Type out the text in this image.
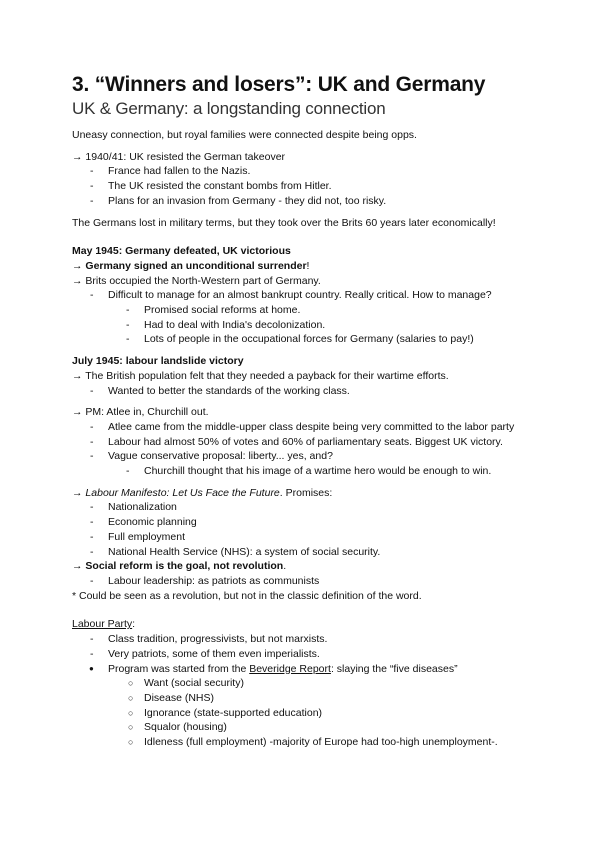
3. “Winners and losers”: UK and Germany
UK & Germany: a longstanding connection

Uneasy connection, but royal families were connected despite being opps.

→ 1940/41: UK resisted the German takeover

- France had fallen to the Nazis.
- The UK resisted the constant bombs from Hitler.
- Plans for an invasion from Germany - they did not, too risky.

The Germans lost in military terms, but they took over the Brits 60 years later economically!

May 1945: Germany defeated, UK victorious

→ Germany signed an unconditional surrender!

→ Brits occupied the North-Western part of Germany.

- Difficult to manage for an almost bankrupt country. Really critical. How to manage?
- Promised social reforms at home.
- Had to deal with India's decolonization.
- Lots of people in the occupational forces for Germany (salaries to pay!)

July 1945: labour landslide victory

→ The British population felt that they needed a payback for their wartime efforts.

- Wanted to better the standards of the working class.

→ PM: Atlee in, Churchill out.

- Atlee came from the middle-upper class despite being very committed to the labor party
- Labour had almost 50% of votes and 60% of parliamentary seats. Biggest UK victory.
- Vague conservative proposal: liberty... yes, and?
- Churchill thought that his image of a wartime hero would be enough to win.

→ Labour Manifesto: Let Us Face the Future. Promises:

- Nationalization
- Economic planning
- Full employment
- National Health Service (NHS): a system of social security.

→ Social reform is the goal, not revolution.

- Labour leadership: as patriots as communists

* Could be seen as a revolution, but not in the classic definition of the word.

Labour Party:

- Class tradition, progressivists, but not marxists.
- Very patriots, some of them even imperialists.
● Program was started from the Beveridge Report: slaying the “five diseases”
○ Want (social security)
○ Disease (NHS)
○ Ignorance (state-supported education)
○ Squalor (housing)
○ Idleness (full employment) -majority of Europe had too-high unemployment-.
